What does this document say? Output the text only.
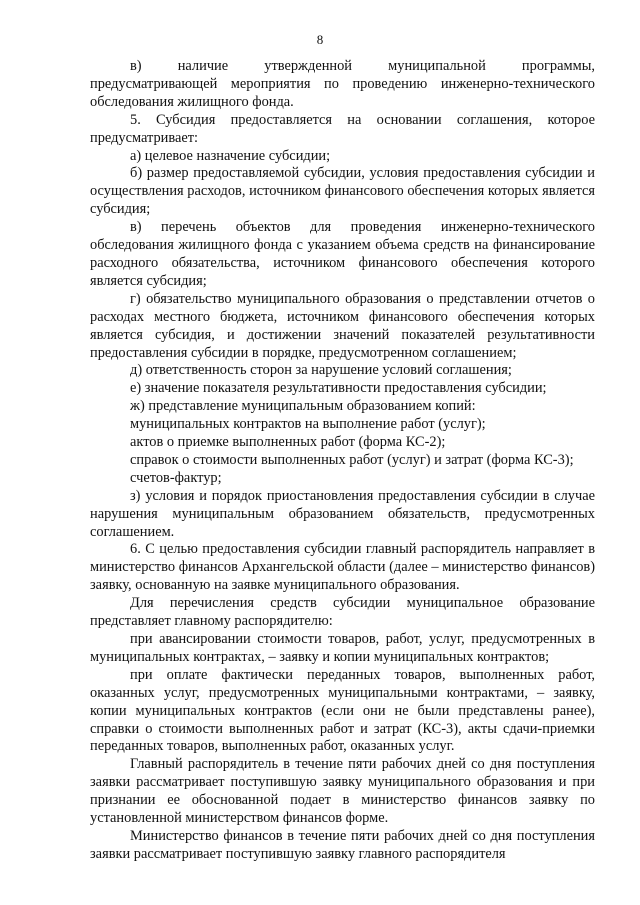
8

в) наличие утвержденной муниципальной программы, предусматривающей мероприятия по проведению инженерно-технического обследования жилищного фонда.

5. Субсидия предоставляется на основании соглашения, которое предусматривает:

а) целевое назначение субсидии;

б) размер предоставляемой субсидии, условия предоставления субсидии и осуществления расходов, источником финансового обеспечения которых является субсидия;

в) перечень объектов для проведения инженерно-технического обследования жилищного фонда с указанием объема средств на финансирование расходного обязательства, источником финансового обеспечения которого является субсидия;

г) обязательство муниципального образования о представлении отчетов о расходах местного бюджета, источником финансового обеспечения которых является субсидия, и достижении значений показателей результативности предоставления субсидии в порядке, предусмотренном соглашением;

д) ответственность сторон за нарушение условий соглашения;

е) значение показателя результативности предоставления субсидии;

ж) представление муниципальным образованием копий:

муниципальных контрактов на выполнение работ (услуг);

актов о приемке выполненных работ (форма КС-2);

справок о стоимости выполненных работ (услуг) и затрат (форма КС-3);

счетов-фактур;

з) условия и порядок приостановления предоставления субсидии в случае нарушения муниципальным образованием обязательств, предусмотренных соглашением.

6. С целью предоставления субсидии главный распорядитель направляет в министерство финансов Архангельской области (далее – министерство финансов) заявку, основанную на заявке муниципального образования.

Для перечисления средств субсидии муниципальное образование представляет главному распорядителю:

при авансировании стоимости товаров, работ, услуг, предусмотренных в муниципальных контрактах, – заявку и копии муниципальных контрактов;

при оплате фактически переданных товаров, выполненных работ, оказанных услуг, предусмотренных муниципальными контрактами, – заявку, копии муниципальных контрактов (если они не были представлены ранее), справки о стоимости выполненных работ и затрат (КС-3), акты сдачи-приемки переданных товаров, выполненных работ, оказанных услуг.

Главный распорядитель в течение пяти рабочих дней со дня поступления заявки рассматривает поступившую заявку муниципального образования и при признании ее обоснованной подает в министерство финансов заявку по установленной министерством финансов форме.

Министерство финансов в течение пяти рабочих дней со дня поступления заявки рассматривает поступившую заявку главного распорядителя
